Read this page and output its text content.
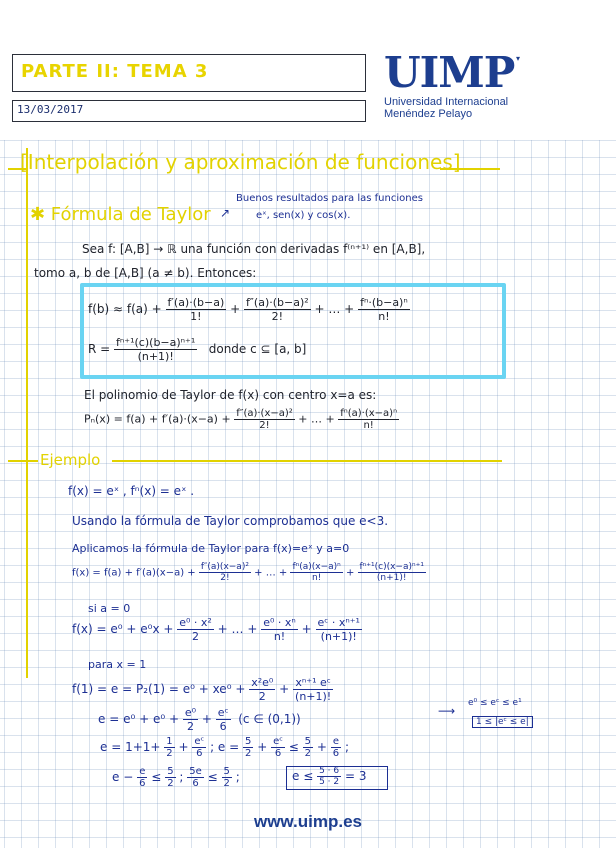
PARTE II: TEMA 3
13/03/2017
UIMP ▾
Universidad Internacional
Menéndez Pelayo
[Interpolación y aproximación de funciones]
✱ Fórmula de Taylor
Buenos resultados para las funciones
eˣ, sen(x) y cos(x).
↗
Sea f: [A,B] → ℝ una función con derivadas f⁽ⁿ⁺¹⁾ en [A,B],
tomo a, b de [A,B] (a ≠ b). Entonces:
$f(b) \approx f(a) + \frac{f'(a)\cdot(b-a)}{1!} + \frac{\text{f″(a)·(b−a)²}}{2!}$ + … + $\frac{\text{fⁿ·(b−a)ⁿ}}{n!}$
$R = \frac{\text{fⁿ⁺¹(c)(b−a)ⁿ⁺¹}}{(n+1)!}$ donde c ⊆ [a, b]
El polinomio de Taylor de f(x) con centro x=a es:
$P_n(x) = f(a) + f'(a)\cdot(x-a) + \frac{\text{f″(a)·(x−a)²}}{2!}$ + … + $\frac{\text{fⁿ(a)·(x−a)ⁿ}}{n!}$
Ejemplo
f(x) = eˣ , fⁿ(x) = eˣ .
Usando la fórmula de Taylor comprobamos que e<3.
Aplicamos la fórmula de Taylor para f(x)=eˣ y a=0
$f(x) = f(a) + f'(a)(x-a) + \frac{\text{f″(a)(x−a)²}}{2!}$ + … + $\frac{\text{fⁿ(a)(x−a)ⁿ}}{n!} + \frac{\text{fⁿ⁺¹(c)(x−a)ⁿ⁺¹}}{(n+1)!}$
si a = 0
$f(x) = e^0 + e^0x + \frac{\text{e⁰ · x²}}{2}$ + … + $\frac{\text{e⁰ · xⁿ}}{n!} + \frac{\text{eᶜ · xⁿ⁺¹}}{(n+1)!}$
para x = 1
$f(1) = e = P_2(1) = e^0 + xe^0 + \frac{\text{x²e⁰}}{2} + \frac{\text{xⁿ⁺¹ eᶜ}}{(n+1)!}$
$e = e^0 + e^0 + \frac{\text{e⁰}}{2} + \frac{\text{eᶜ}}{6} (c$ ∈ (0,1))
e⁰ ≤ eᶜ ≤ e¹
1 ≤ |eᶜ ≤ e|
⟶
$e = 1+1+ \frac{1}{2} + \frac{\text{eᶜ}}{6}$ ; $e = \frac{5}{2} + \frac{\text{eᶜ}}{6} \le \frac{5}{2} + \frac{e}{6}$ ;
$e - \frac{e}{6} \le \frac{5}{2}$ ; $\frac{5e}{6} \le \frac{5}{2}$ ;	$e \le \frac{5 \cdot 6}{5 \cdot 2} = 3$
www.uimp.es
